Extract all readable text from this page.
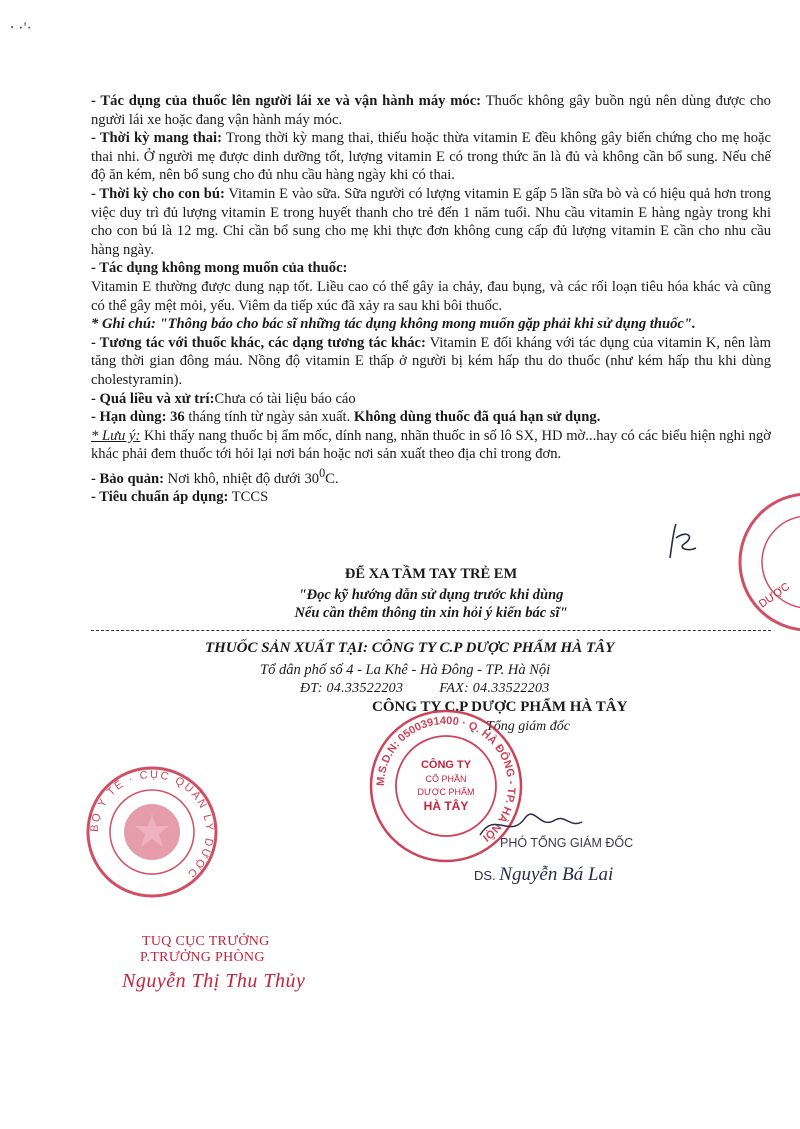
⸱ ·'·

- Tác dụng của thuốc lên người lái xe và vận hành máy móc: Thuốc không gây buồn ngủ nên dùng được cho người lái xe hoặc đang vận hành máy móc.

- Thời kỳ mang thai: Trong thời kỳ mang thai, thiếu hoặc thừa vitamin E đều không gây biến chứng cho mẹ hoặc thai nhi. Ở người mẹ được dinh dưỡng tốt, lượng vitamin E có trong thức ăn là đủ và không cần bổ sung. Nếu chế độ ăn kém, nên bổ sung cho đủ nhu cầu hàng ngày khi có thai.

- Thời kỳ cho con bú: Vitamin E vào sữa. Sữa người có lượng vitamin E gấp 5 lần sữa bò và có hiệu quả hơn trong việc duy trì đủ lượng vitamin E trong huyết thanh cho trẻ đến 1 năm tuổi. Nhu cầu vitamin E hàng ngày trong khi cho con bú là 12 mg. Chỉ cần bổ sung cho mẹ khi thực đơn không cung cấp đủ lượng vitamin E cần cho nhu cầu hàng ngày.

- Tác dụng không mong muốn của thuốc:

Vitamin E thường được dung nạp tốt. Liều cao có thể gây ỉa chảy, đau bụng, và các rối loạn tiêu hóa khác và cũng có thể gây mệt mỏi, yếu. Viêm da tiếp xúc đã xảy ra sau khi bôi thuốc.

* Ghi chú: "Thông báo cho bác sĩ những tác dụng không mong muốn gặp phải khi sử dụng thuốc".

- Tương tác với thuốc khác, các dạng tương tác khác: Vitamin E đối kháng với tác dụng của vitamin K, nên làm tăng thời gian đông máu. Nồng độ vitamin E thấp ở người bị kém hấp thu do thuốc (như kém hấp thu khi dùng cholestyramin).

- Quá liều và xử trí:Chưa có tài liệu báo cáo

- Hạn dùng: 36 tháng tính từ ngày sản xuất. Không dùng thuốc đã quá hạn sử dụng.

* Lưu ý: Khi thấy nang thuốc bị ẩm mốc, dính nang, nhãn thuốc in số lô SX, HD mờ...hay có các biểu hiện nghi ngờ khác phải đem thuốc tới hỏi lại nơi bán hoặc nơi sản xuất theo địa chỉ trong đơn.

- Bảo quản: Nơi khô, nhiệt độ dưới $30^0C$.

- Tiêu chuẩn áp dụng: TCCS

ĐỂ XA TẦM TAY TRẺ EM
"Đọc kỹ hướng dẫn sử dụng trước khi dùng
Nếu cần thêm thông tin xin hỏi ý kiến bác sĩ"
THUỐC SẢN XUẤT TẠI: CÔNG TY C.P DƯỢC PHẨM HÀ TÂY
Tổ dân phố số 4 - La Khê - Hà Đông - TP. Hà Nội
ĐT: 04.33522203	FAX: 04.33522203
CÔNG TY C.P DƯỢC PHẨM HÀ TÂY
Tổng giám đốc
M.S.D.N: 0500391400 · Q. HÀ ĐÔNG - TP. HÀ NỘI
CÔNG TY
CỔ PHẦN
DƯỢC PHẨM
HÀ TÂY
BỘ Y TẾ · CỤC QUẢN LÝ DƯỢC
DƯỢC
PHÓ TỔNG GIÁM ĐỐC
DS. Nguyễn Bá Lai
TUQ CỤC TRƯỞNG
P.TRƯỞNG PHÒNG
Nguyễn Thị Thu Thủy
